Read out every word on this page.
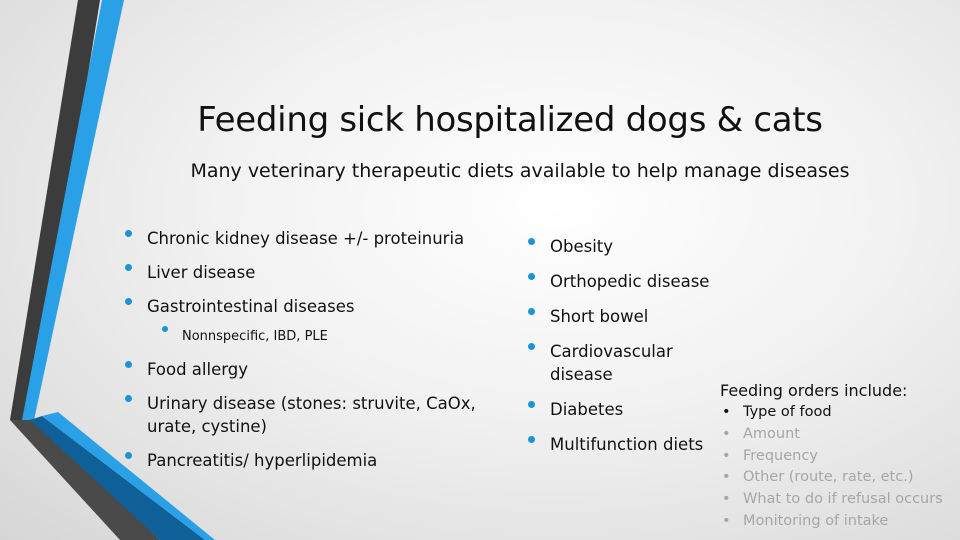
Feeding sick hospitalized dogs & cats
Many veterinary therapeutic diets available to help manage diseases
Chronic kidney disease +/- proteinuria
Liver disease
Gastrointestinal diseases
Nonnspecific, IBD, PLE
Food allergy
Urinary disease (stones: struvite, CaOx, urate, cystine)
Pancreatitis/ hyperlipidemia
Obesity
Orthopedic disease
Short bowel
Cardiovascular disease
Diabetes
Multifunction diets
Feeding orders include:
• Type of food
• Amount
• Frequency
• Other (route, rate, etc.)
• What to do if refusal occurs
• Monitoring of intake
